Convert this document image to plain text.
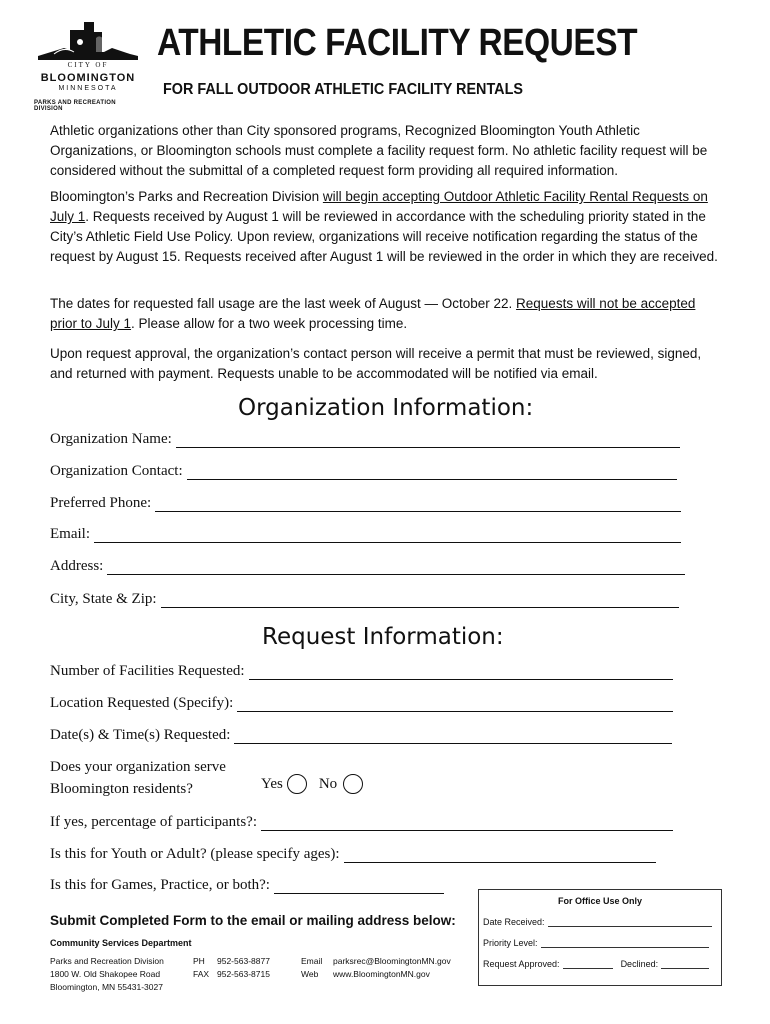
CITY OF
BLOOMINGTON
MINNESOTA
PARKS AND RECREATION DIVISION
ATHLETIC FACILITY REQUEST
FOR FALL OUTDOOR ATHLETIC FACILITY RENTALS

Athletic organizations other than City sponsored programs, Recognized Bloomington Youth Athletic Organizations, or Bloomington schools must complete a facility request form. No athletic facility request will be considered without the submittal of a completed request form providing all required information.

Bloomington’s Parks and Recreation Division will begin accepting Outdoor Athletic Facility Rental Requests on July 1. Requests received by August 1 will be reviewed in accordance with the scheduling priority stated in the City’s Athletic Field Use Policy. Upon review, organizations will receive notification regarding the status of the request by August 15. Requests received after August 1 will be reviewed in the order in which they are received.

The dates for requested fall usage are the last week of August — October 22. Requests will not be accepted prior to July 1. Please allow for a two week processing time.

Upon request approval, the organization’s contact person will receive a permit that must be reviewed, signed, and returned with payment. Requests unable to be accommodated will be notified via email.

Organization Information:
Organization Name:
Organization Contact:
Preferred Phone:
Email:
Address:
City, State & Zip:
Request Information:
Number of Facilities Requested:
Location Requested (Specify):
Date(s) & Time(s) Requested:
Does your organization serve
Bloomington residents?	Yes No
If yes, percentage of participants?:
Is this for Youth or Adult? (please specify ages):
Is this for Games, Practice, or both?:
For Office Use Only
Date Received:
Priority Level:
Request Approved:	Declined:
Submit Completed Form to the email or mailing address below:
Community Services Department
Parks and Recreation Division
1800 W. Old Shakopee Road
Bloomington, MN 55431-3027
PH
FAX
952-563-8877
952-563-8715
Email
Web
parksrec@BloomingtonMN.gov
www.BloomingtonMN.gov
